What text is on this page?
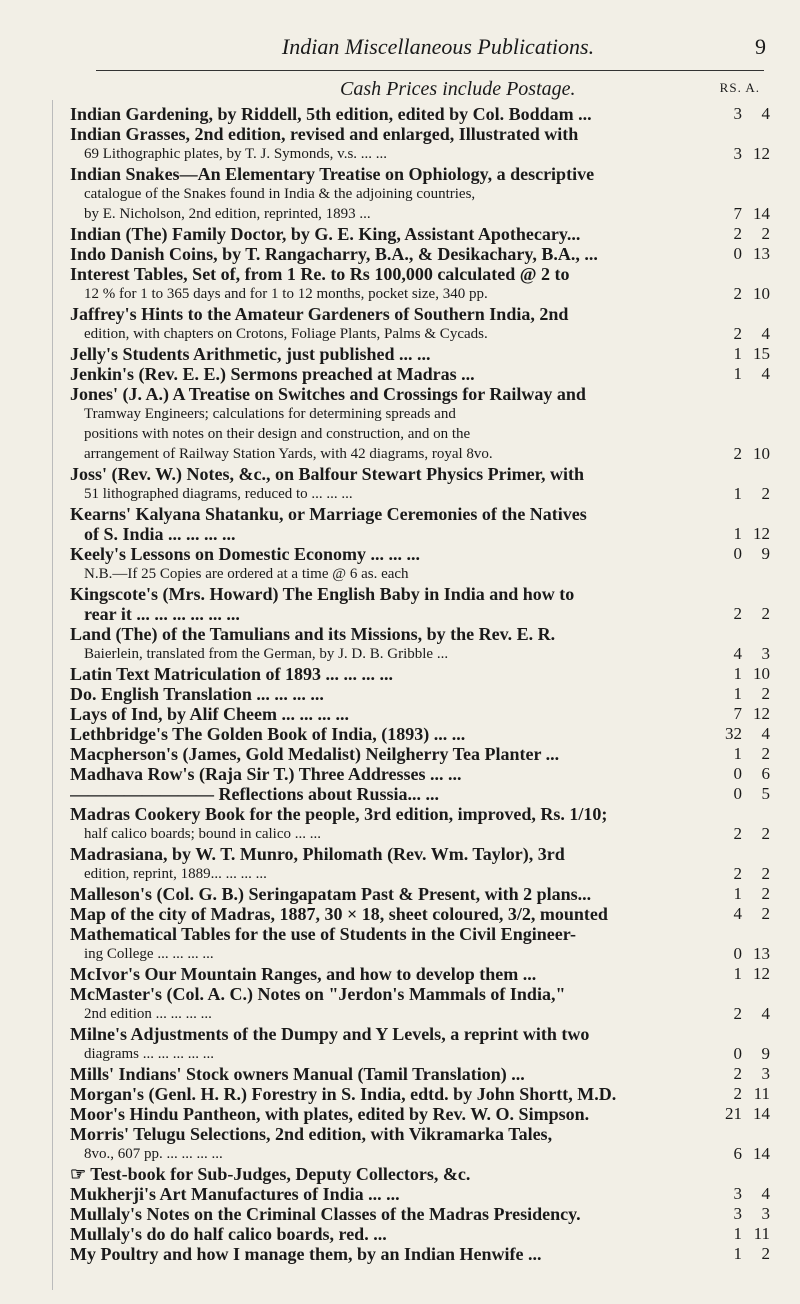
Indian Miscellaneous Publications.	9
Cash Prices include Postage.	RS. A.
Indian Gardening, by Riddell, 5th edition, edited by Col. Boddam ...	3	4
Indian Grasses, 2nd edition, revised and enlarged, Illustrated with
69 Lithographic plates, by T. J. Symonds, v.s. ... ...	3 12
Indian Snakes—An Elementary Treatise on Ophiology, a descriptive
catalogue of the Snakes found in India & the adjoining countries,
by E. Nicholson, 2nd edition, reprinted, 1893 ...	7 14
Indian (The) Family Doctor, by G. E. King, Assistant Apothecary...	2	2
Indo Danish Coins, by T. Rangacharry, B.A., & Desikachary, B.A., ...	0 13
Interest Tables, Set of, from 1 Re. to Rs 100,000 calculated @ 2 to
12 % for 1 to 365 days and for 1 to 12 months, pocket size, 340 pp.	2 10
Jaffrey's Hints to the Amateur Gardeners of Southern India, 2nd
edition, with chapters on Crotons, Foliage Plants, Palms & Cycads.	2	4
Jelly's Students Arithmetic, just published ... ...	1 15
Jenkin's (Rev. E. E.) Sermons preached at Madras ...	1	4
Jones' (J. A.) A Treatise on Switches and Crossings for Railway and
Tramway Engineers; calculations for determining spreads and
positions with notes on their design and construction, and on the
arrangement of Railway Station Yards, with 42 diagrams, royal 8vo.	2 10
Joss' (Rev. W.) Notes, &c., on Balfour Stewart Physics Primer, with
51 lithographed diagrams, reduced to ... ... ...	1	2
Kearns' Kalyana Shatanku, or Marriage Ceremonies of the Natives
of S. India ... ... ... ...	1 12
Keely's Lessons on Domestic Economy ... ... ...	0	9
N.B.—If 25 Copies are ordered at a time @ 6 as. each
Kingscote's (Mrs. Howard) The English Baby in India and how to
rear it ... ... ... ... ... ...	2	2
Land (The) of the Tamulians and its Missions, by the Rev. E. R.
Baierlein, translated from the German, by J. D. B. Gribble ...	4	3
Latin Text Matriculation of 1893 ... ... ... ...	1 10
Do. English Translation ... ... ... ...	1	2
Lays of Ind, by Alif Cheem ... ... ... ...	7 12
Lethbridge's The Golden Book of India, (1893) ... ...	32	4
Macpherson's (James, Gold Medalist) Neilgherry Tea Planter ...	1	2
Madhava Row's (Raja Sir T.) Three Addresses ... ...	0	6
———————— Reflections about Russia... ...	0	5
Madras Cookery Book for the people, 3rd edition, improved, Rs. 1/10;
half calico boards; bound in calico ... ...	2	2
Madrasiana, by W. T. Munro, Philomath (Rev. Wm. Taylor), 3rd
edition, reprint, 1889... ... ... ...	2	2
Malleson's (Col. G. B.) Seringapatam Past & Present, with 2 plans...	1	2
Map of the city of Madras, 1887, 30 × 18, sheet coloured, 3/2, mounted	4	2
Mathematical Tables for the use of Students in the Civil Engineer-
ing College ... ... ... ...	0 13
McIvor's Our Mountain Ranges, and how to develop them ...	1 12
McMaster's (Col. A. C.) Notes on "Jerdon's Mammals of India,"
2nd edition ... ... ... ...	2	4
Milne's Adjustments of the Dumpy and Y Levels, a reprint with two
diagrams ... ... ... ... ...	0	9
Mills' Indians' Stock owners Manual (Tamil Translation) ...	2	3
Morgan's (Genl. H. R.) Forestry in S. India, edtd. by John Shortt, M.D.	2 11
Moor's Hindu Pantheon, with plates, edited by Rev. W. O. Simpson.	21 14
Morris' Telugu Selections, 2nd edition, with Vikramarka Tales,
8vo., 607 pp. ... ... ... ...	6 14
☞ Test-book for Sub-Judges, Deputy Collectors, &c.
Mukherji's Art Manufactures of India ... ...	3	4
Mullaly's Notes on the Criminal Classes of the Madras Presidency.	3	3
Mullaly's do do half calico boards, red. ...	1 11
My Poultry and how I manage them, by an Indian Henwife ...	1	2
